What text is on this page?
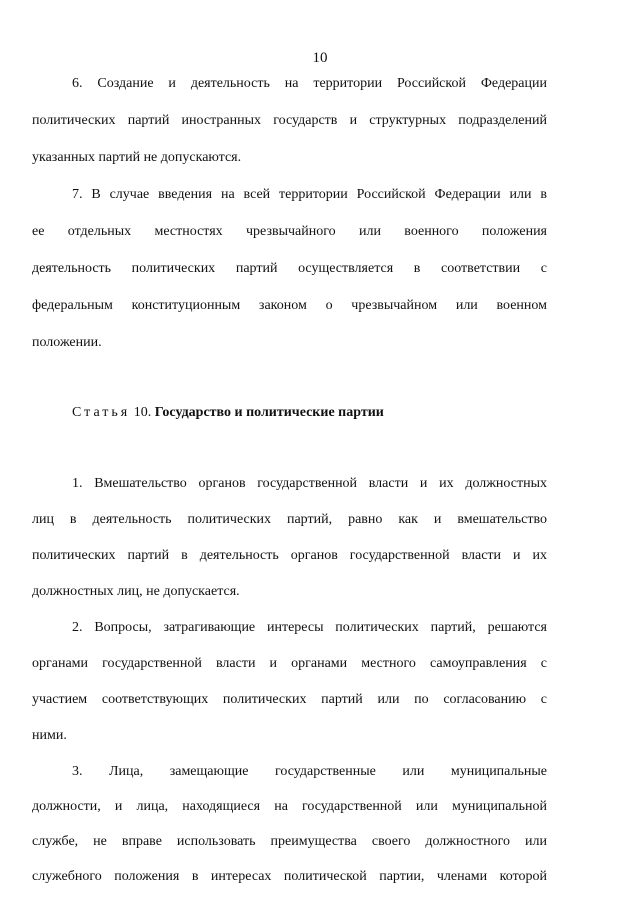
10
6. Создание и деятельность на территории Российской Федерации
политических партий иностранных государств и структурных подразделений
указанных партий не допускаются.
7. В случае введения на всей территории Российской Федерации или в
ее отдельных местностях чрезвычайного или военного положения
деятельность политических партий осуществляется в соответствии с
федеральным конституционным законом о чрезвычайном или военном
положении.
Статья 10. Государство и политические партии
1. Вмешательство органов государственной власти и их должностных
лиц в деятельность политических партий, равно как и вмешательство
политических партий в деятельность органов государственной власти и их
должностных лиц, не допускается.
2. Вопросы, затрагивающие интересы политических партий, решаются
органами государственной власти и органами местного самоуправления с
участием соответствующих политических партий или по согласованию с
ними.
3. Лица, замещающие государственные или муниципальные
должности, и лица, находящиеся на государственной или муниципальной
службе, не вправе использовать преимущества своего должностного или
служебного положения в интересах политической партии, членами которой
